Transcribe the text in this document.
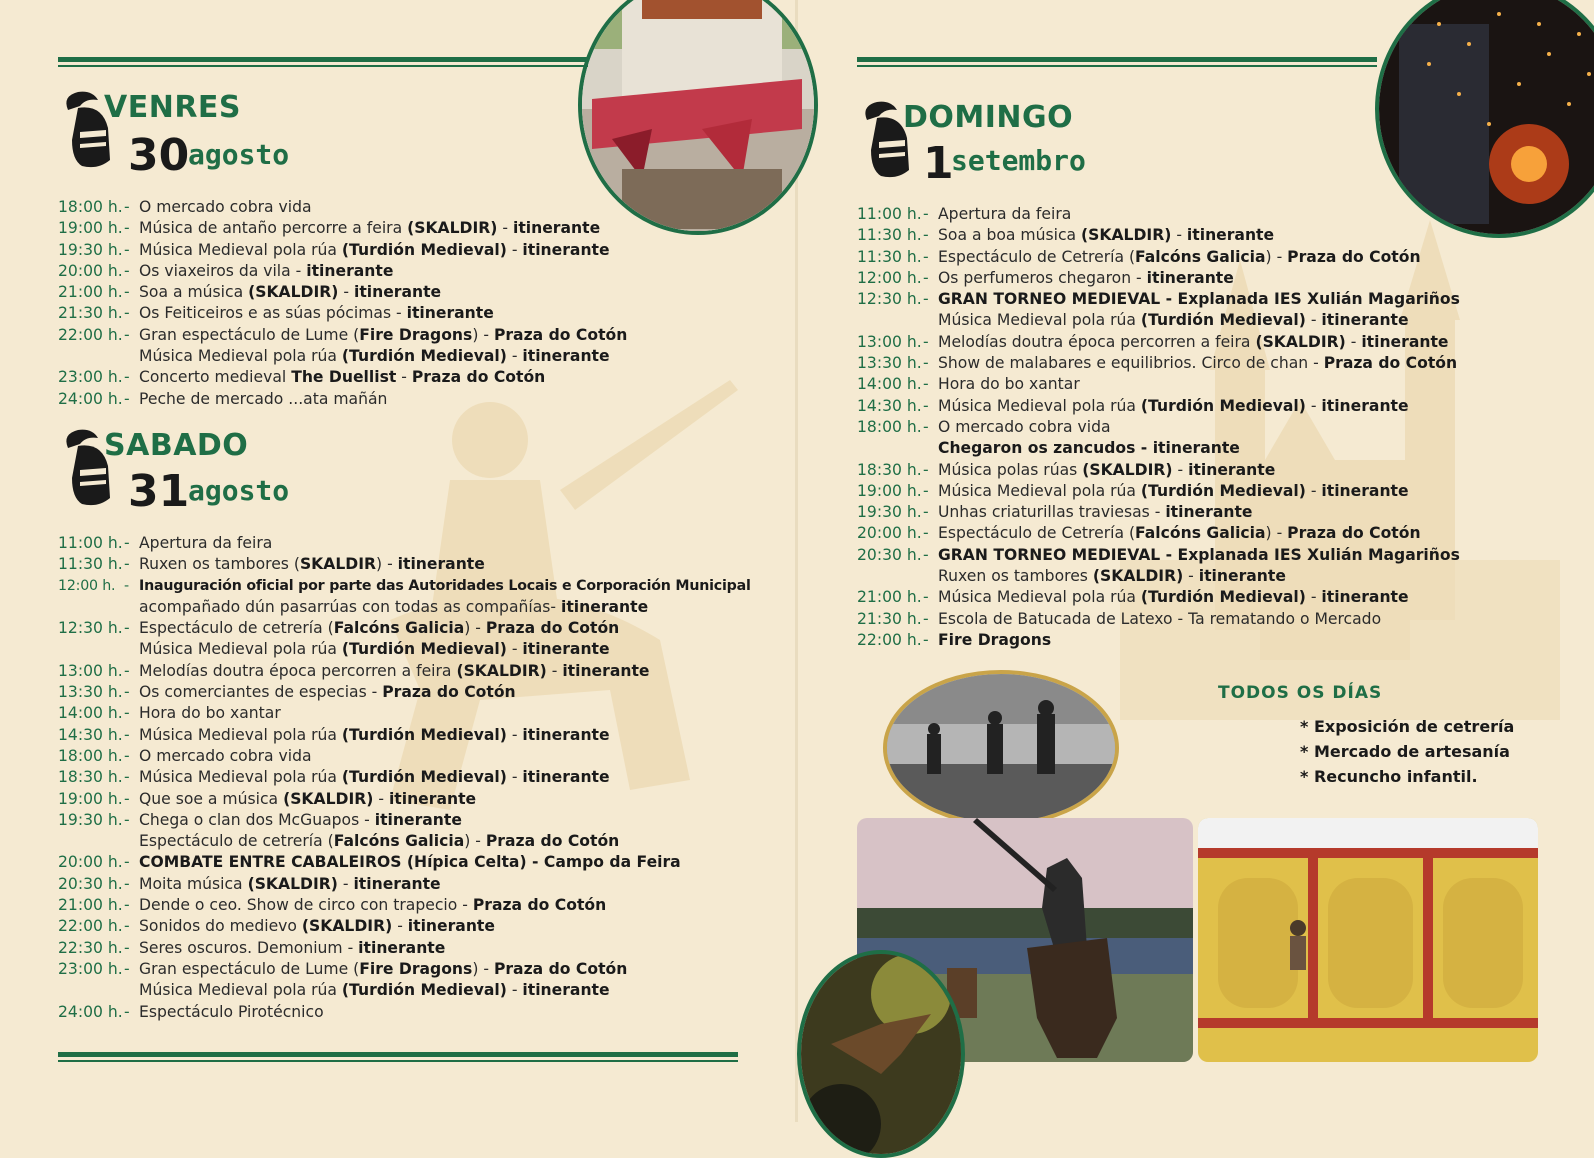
VENRES
30
agosto
18:00 h. - O mercado cobra vida
19:00 h. - Música de antaño percorre a feira (SKALDIR) - itinerante
19:30 h. - Música Medieval pola rúa (Turdión Medieval) - itinerante
20:00 h. - Os viaxeiros da vila - itinerante
21:00 h. - Soa a música (SKALDIR) - itinerante
21:30 h. - Os Feiticeiros e as súas pócimas - itinerante
22:00 h. - Gran espectáculo de Lume (Fire Dragons) - Praza do Cotón
Música Medieval pola rúa (Turdión Medieval) - itinerante
23:00 h. - Concerto medieval The Duellist - Praza do Cotón
24:00 h. - Peche de mercado ...ata mañán
SABADO
31
agosto
11:00 h. - Apertura da feira
11:30 h. - Ruxen os tambores (SKALDIR) - itinerante
12:00 h. - Inauguración oficial por parte das Autoridades Locais e Corporación Municipal
acompañado dún pasarrúas con todas as compañías- itinerante
12:30 h. - Espectáculo de cetrería (Falcóns Galicia) - Praza do Cotón
Música Medieval pola rúa (Turdión Medieval) - itinerante
13:00 h. - Melodías doutra época percorren a feira (SKALDIR) - itinerante
13:30 h. - Os comerciantes de especias - Praza do Cotón
14:00 h. - Hora do bo xantar
14:30 h. - Música Medieval pola rúa (Turdión Medieval) - itinerante
18:00 h. - O mercado cobra vida
18:30 h. - Música Medieval pola rúa (Turdión Medieval) - itinerante
19:00 h. - Que soe a música (SKALDIR) - itinerante
19:30 h. - Chega o clan dos McGuapos - itinerante
Espectáculo de cetrería (Falcóns Galicia) - Praza do Cotón
20:00 h. - COMBATE ENTRE CABALEIROS (Hípica Celta) - Campo da Feira
20:30 h. - Moita música (SKALDIR) - itinerante
21:00 h. - Dende o ceo. Show de circo con trapecio - Praza do Cotón
22:00 h. - Sonidos do medievo (SKALDIR) - itinerante
22:30 h. - Seres oscuros. Demonium - itinerante
23:00 h. - Gran espectáculo de Lume (Fire Dragons) - Praza do Cotón
Música Medieval pola rúa (Turdión Medieval) - itinerante
24:00 h. - Espectáculo Pirotécnico
DOMINGO
1
setembro
11:00 h. - Apertura da feira
11:30 h. - Soa a boa música (SKALDIR) - itinerante
11:30 h. - Espectáculo de Cetrería (Falcóns Galicia) - Praza do Cotón
12:00 h. - Os perfumeros chegaron - itinerante
12:30 h. - GRAN TORNEO MEDIEVAL - Explanada IES Xulián Magariños
Música Medieval pola rúa (Turdión Medieval) - itinerante
13:00 h. - Melodías doutra época percorren a feira (SKALDIR) - itinerante
13:30 h. - Show de malabares e equilibrios. Circo de chan - Praza do Cotón
14:00 h. - Hora do bo xantar
14:30 h. - Música Medieval pola rúa (Turdión Medieval) - itinerante
18:00 h. - O mercado cobra vida
Chegaron os zancudos - itinerante
18:30 h. - Música polas rúas (SKALDIR) - itinerante
19:00 h. - Música Medieval pola rúa (Turdión Medieval) - itinerante
19:30 h. - Unhas criaturillas traviesas - itinerante
20:00 h. - Espectáculo de Cetrería (Falcóns Galicia) - Praza do Cotón
20:30 h. - GRAN TORNEO MEDIEVAL - Explanada IES Xulián Magariños
Ruxen os tambores (SKALDIR) - itinerante
21:00 h. - Música Medieval pola rúa (Turdión Medieval) - itinerante
21:30 h. - Escola de Batucada de Latexo - Ta rematando o Mercado
22:00 h. - Fire Dragons
TODOS OS DÍAS
* Exposición de cetrería
* Mercado de artesanía
* Recuncho infantil.
